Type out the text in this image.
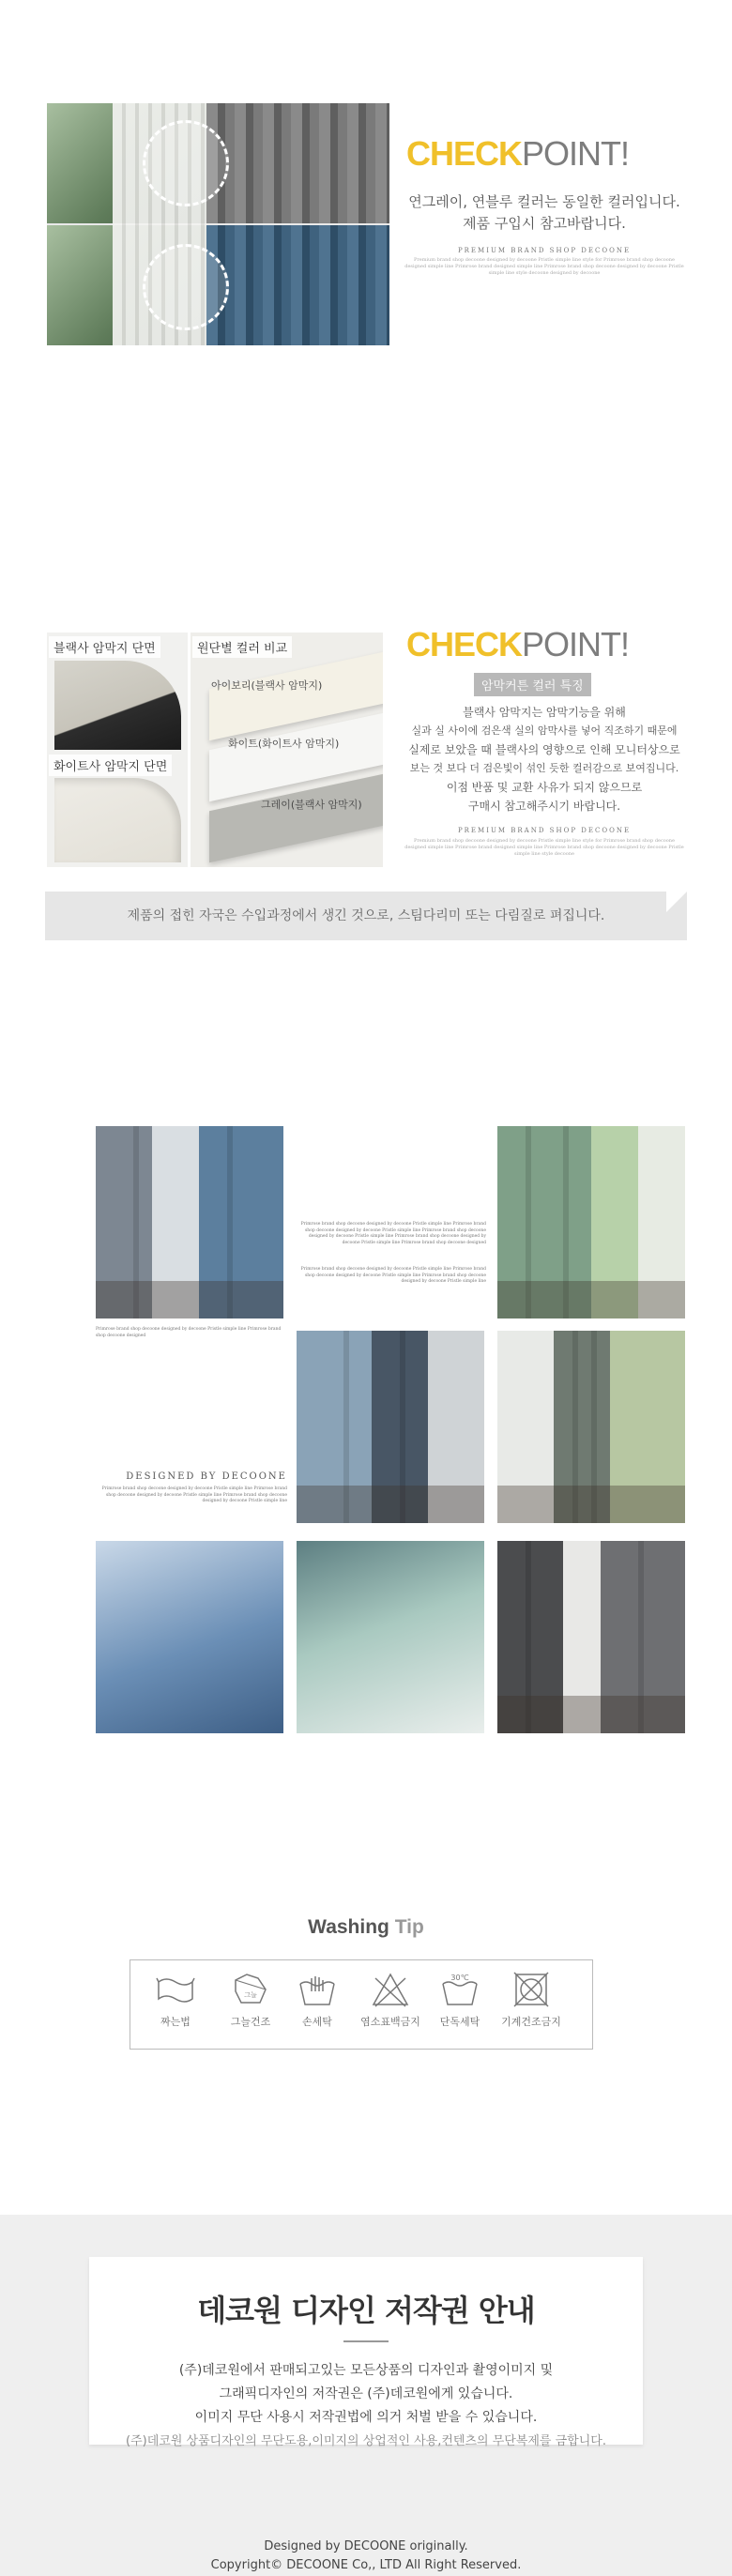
CHECKPOINT!
연그레이, 연블루 컬러는 동일한 컬러입니다.
제품 구입시 참고바랍니다.
PREMIUM BRAND SHOP DECOONE
Premium brand shop decoone designed by decoone Pristle simple line style for Primrose brand shop decoone designed simple line Primrose brand designed simple line Primrose brand shop decoone designed by decoone Pristle simple line style decoone designed by decoone
블랙사 암막지 단면
화이트사 암막지 단면
원단별 컬러 비교
아이보리(블랙사 암막지)
화이트(화이트사 암막지)
그레이(블랙사 암막지)
CHECKPOINT!
암막커튼 컬러 특징
블랙사 암막지는 암막기능을 위해
실과 실 사이에 검은색 실의 암막사를 넣어 직조하기 때문에
실제로 보았을 때 블랙사의 영향으로 인해 모니터상으로
보는 것 보다 더 검은빛이 섞인 듯한 컬러감으로 보여집니다.
이점 반품 및 교환 사유가 되지 않으므로
구매시 참고해주시기 바랍니다.
PREMIUM BRAND SHOP DECOONE
Premium brand shop decoone designed by decoone Pristle simple line style for Primrose brand shop decoone designed simple line Primrose brand designed simple line Primrose brand shop decoone designed by decoone Pristle simple line style decoone
제품의 접힌 자국은 수입과정에서 생긴 것으로, 스팀다리미 또는 다림질로 펴집니다.
Primrose brand shop decoone designed by decoone Pristle simple line Primrose brand shop decoone designed by decoone Pristle simple line Primrose brand shop decoone designed by decoone Pristle simple line Primrose brand shop decoone designed by decoone Pristle simple line Primrose brand shop decoone designed
Primrose brand shop decoone designed by decoone Pristle simple line Primrose brand shop decoone designed by decoone Pristle simple line Primrose brand shop decoone designed by decoone Pristle simple line
Primrose brand shop decoone designed by decoone Pristle simple line Primrose brand shop decoone designed
DESIGNED BY DECOONE
Primrose brand shop decoone designed by decoone Pristle simple line Primrose brand shop decoone designed by decoone Pristle simple line Primrose brand shop decoone designed by decoone Pristle simple line
Washing Tip
짜는법
그늘
그늘건조	손세탁	염소표백금지
30℃
단독세탁	기계건조금지
데코원 디자인 저작권 안내
(주)데코원에서 판매되고있는 모든상품의 디자인과 촬영이미지 및
그래픽디자인의 저작권은 (주)데코원에게 있습니다.
이미지 무단 사용시 저작권법에 의거 처벌 받을 수 있습니다.
(주)데코원 상품디자인의 무단도용,이미지의 상업적인 사용,컨텐츠의 무단복제를 금합니다.
Designed by DECOONE originally.
Copyright© DECOONE Co,, LTD All Right Reserved.
